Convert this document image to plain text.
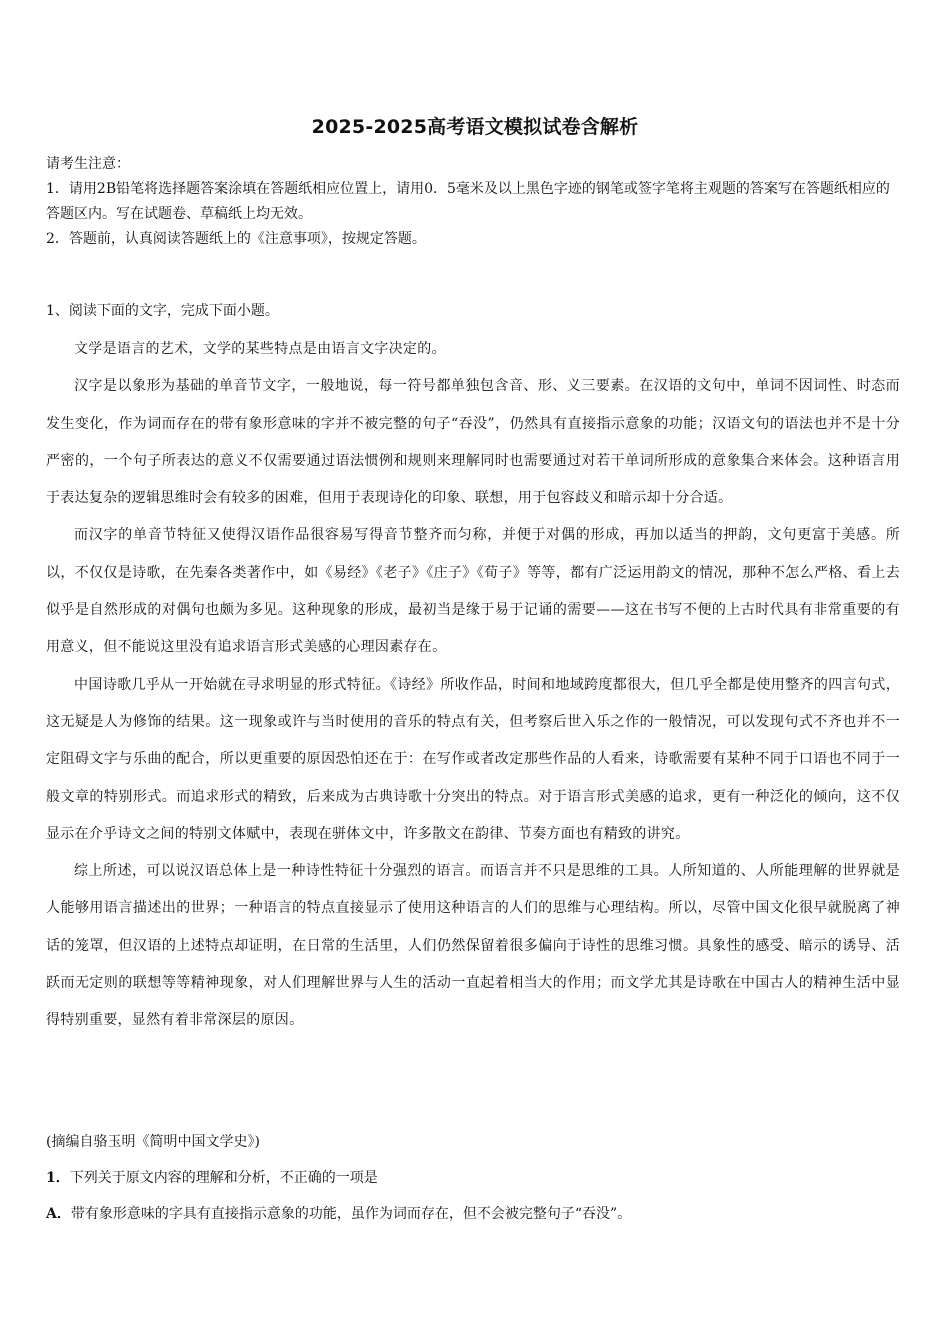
2025-2025高考语文模拟试卷含解析

请考生注意：

1．请用2B铅笔将选择题答案涂填在答题纸相应位置上，请用0．5毫米及以上黑色字迹的钢笔或签字笔将主观题的答案写在答题纸相应的答题区内。写在试题卷、草稿纸上均无效。

2．答题前，认真阅读答题纸上的《注意事项》，按规定答题。

1、阅读下面的文字，完成下面小题。

文学是语言的艺术，文学的某些特点是由语言文字决定的。

汉字是以象形为基础的单音节文字，一般地说，每一符号都单独包含音、形、义三要素。在汉语的文句中，单词不因词性、时态而发生变化，作为词而存在的带有象形意味的字并不被完整的句子“吞没”，仍然具有直接指示意象的功能；汉语文句的语法也并不是十分严密的，一个句子所表达的意义不仅需要通过语法惯例和规则来理解同时也需要通过对若干单词所形成的意象集合来体会。这种语言用于表达复杂的逻辑思维时会有较多的困难，但用于表现诗化的印象、联想，用于包容歧义和暗示却十分合适。

而汉字的单音节特征又使得汉语作品很容易写得音节整齐而匀称，并便于对偶的形成，再加以适当的押韵，文句更富于美感。所以，不仅仅是诗歌，在先秦各类著作中，如《易经》《老子》《庄子》《荀子》等等，都有广泛运用韵文的情况，那种不怎么严格、看上去似乎是自然形成的对偶句也颇为多见。这种现象的形成，最初当是缘于易于记诵的需要——这在书写不便的上古时代具有非常重要的有用意义，但不能说这里没有追求语言形式美感的心理因素存在。

中国诗歌几乎从一开始就在寻求明显的形式特征。《诗经》所收作品，时间和地域跨度都很大，但几乎全都是使用整齐的四言句式，这无疑是人为修饰的结果。这一现象或许与当时使用的音乐的特点有关，但考察后世入乐之作的一般情况，可以发现句式不齐也并不一定阻碍文字与乐曲的配合，所以更重要的原因恐怕还在于：在写作或者改定那些作品的人看来，诗歌需要有某种不同于口语也不同于一般文章的特别形式。而追求形式的精致，后来成为古典诗歌十分突出的特点。对于语言形式美感的追求，更有一种泛化的倾向，这不仅显示在介乎诗文之间的特别文体赋中，表现在骈体文中，许多散文在韵律、节奏方面也有精致的讲究。

综上所述，可以说汉语总体上是一种诗性特征十分强烈的语言。而语言并不只是思维的工具。人所知道的、人所能理解的世界就是人能够用语言描述出的世界；一种语言的特点直接显示了使用这种语言的人们的思维与心理结构。所以，尽管中国文化很早就脱离了神话的笼罩，但汉语的上述特点却证明，在日常的生活里，人们仍然保留着很多偏向于诗性的思维习惯。具象性的感受、暗示的诱导、活跃而无定则的联想等等精神现象，对人们理解世界与人生的活动一直起着相当大的作用；而文学尤其是诗歌在中国古人的精神生活中显得特别重要，显然有着非常深层的原因。

(摘编自骆玉明《简明中国文学史》)
1．下列关于原文内容的理解和分析，不正确的一项是
A．带有象形意味的字具有直接指示意象的功能，虽作为词而存在，但不会被完整句子“吞没”。
